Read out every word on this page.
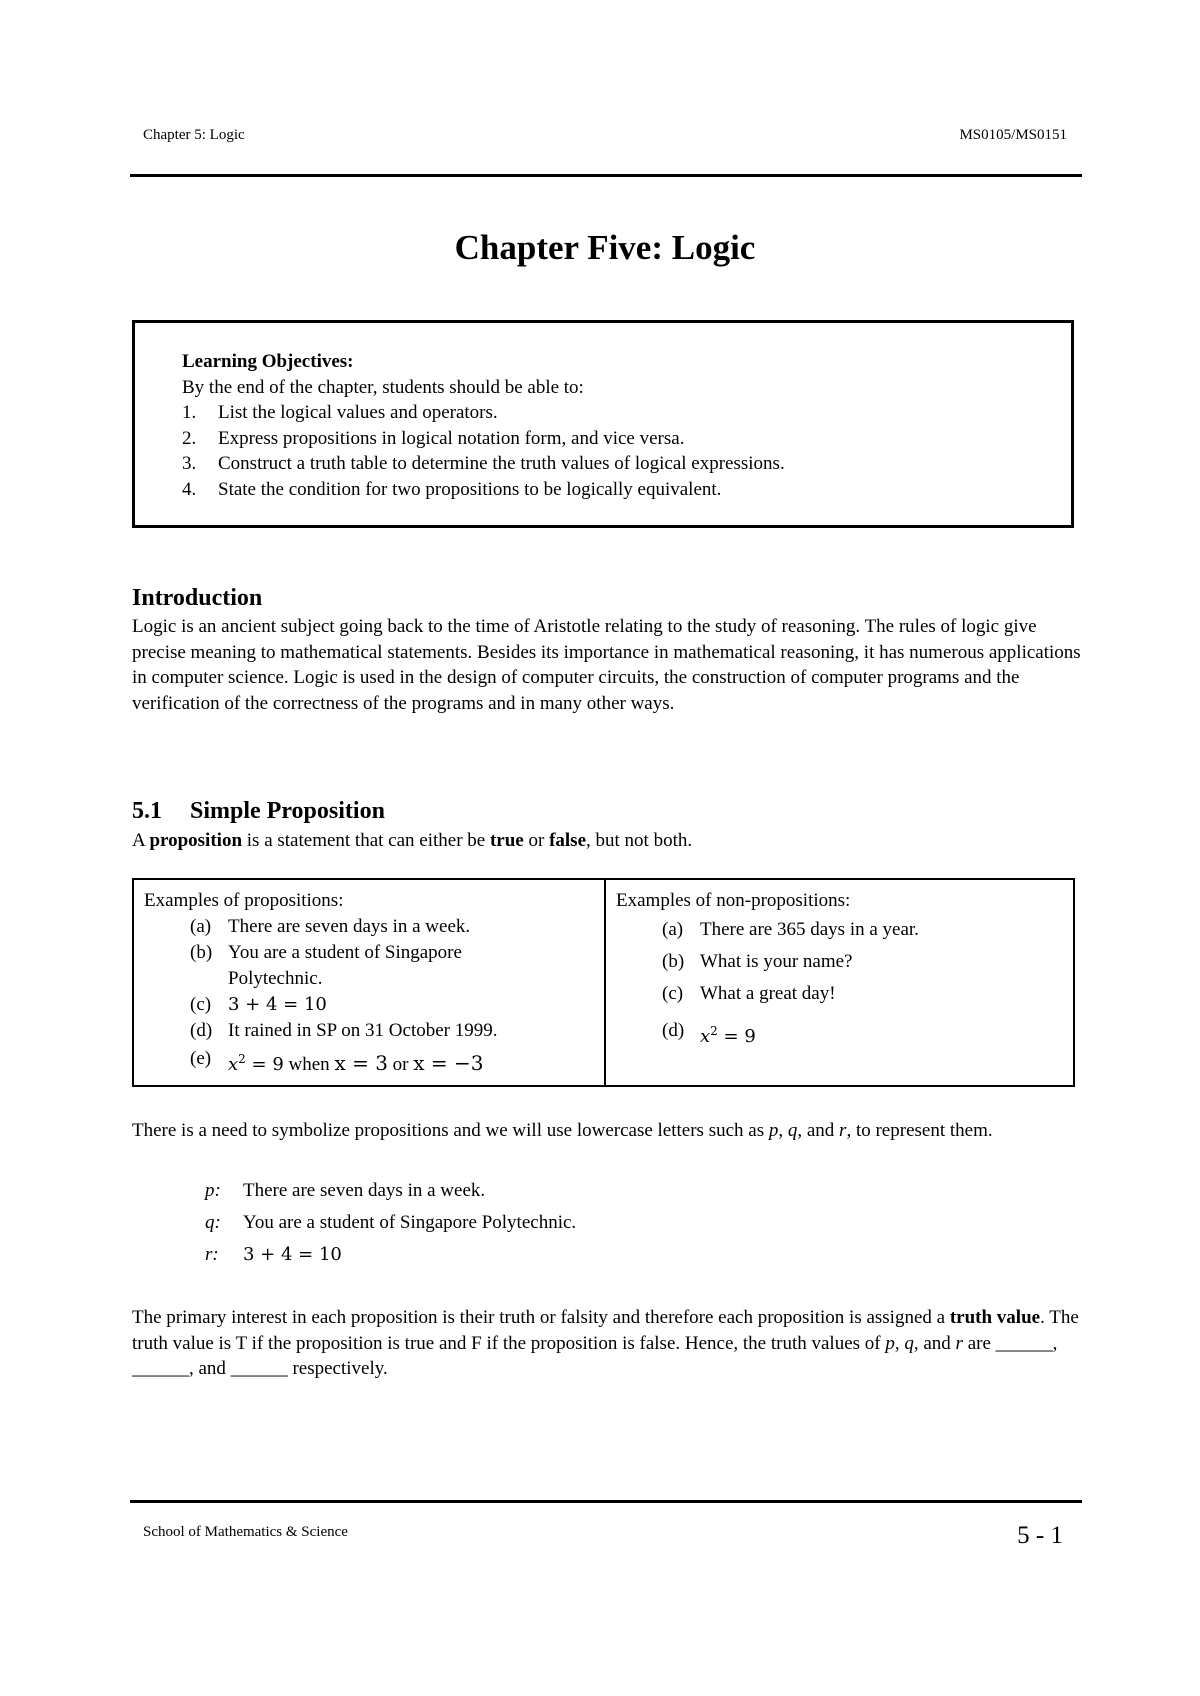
Chapter 5: Logic	MS0105/MS0151
Chapter Five: Logic
Learning Objectives:
By the end of the chapter, students should be able to:
1. List the logical values and operators.
2. Express propositions in logical notation form, and vice versa.
3. Construct a truth table to determine the truth values of logical expressions.
4. State the condition for two propositions to be logically equivalent.
Introduction
Logic is an ancient subject going back to the time of Aristotle relating to the study of reasoning. The rules of logic give precise meaning to mathematical statements. Besides its importance in mathematical reasoning, it has numerous applications in computer science. Logic is used in the design of computer circuits, the construction of computer programs and the verification of the correctness of the programs and in many other ways.
5.1 Simple Proposition
A proposition is a statement that can either be true or false, but not both.
Examples of propositions:
(a) There are seven days in a week.
(b) You are a student of Singapore
Polytechnic.
(c) 3 + 4 = 10
(d) It rained in SP on 31 October 1999.
(e) $x^2 = 9$ when x = 3 or x = −3
Examples of non-propositions:
(a) There are 365 days in a year.
(b) What is your name?
(c) What a great day!
(d) $x^2 = 9$
There is a need to symbolize propositions and we will use lowercase letters such as p, q, and r, to represent them.
p: There are seven days in a week.
q: You are a student of Singapore Polytechnic.
r: 3 + 4 = 10
The primary interest in each proposition is their truth or falsity and therefore each proposition is assigned a truth value. The truth value is T if the proposition is true and F if the proposition is false. Hence, the truth values of p, q, and r are ______, ______, and ______ respectively.
School of Mathematics & Science	5 - 1
